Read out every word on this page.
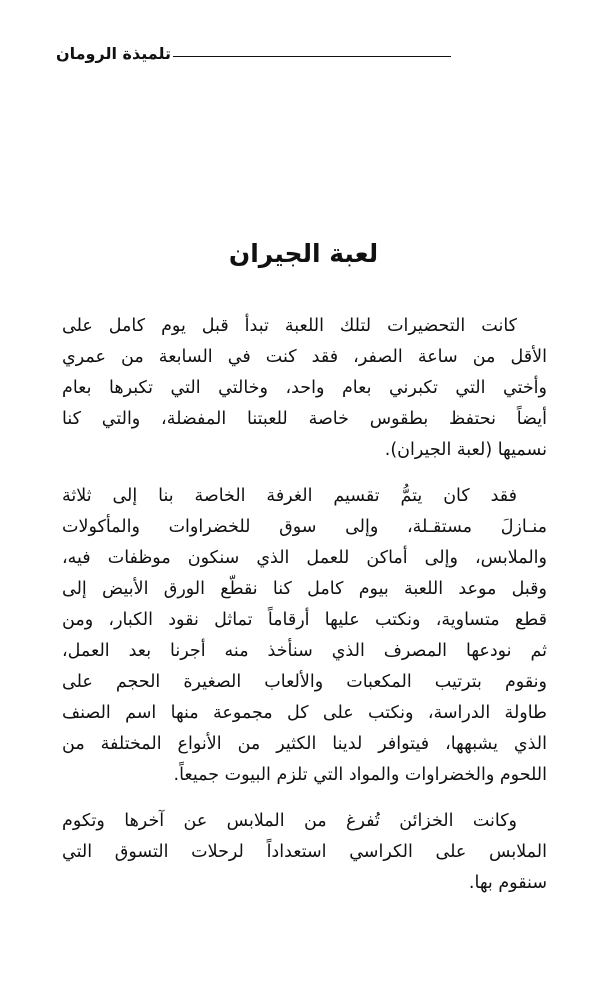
تلميذة الرومان
لعبة الجيران

كانت التحضيرات لتلك اللعبة تبدأ قبل يوم كامل على
الأقل من ساعة الصفر، فقد كنت في السابعة من عمري
وأختي التي تكبرني بعام واحد، وخالتي التي تكبرها بعام
أيضاً نحتفظ بطقوس خاصة للعبتنا المفضلة، والتي كنا
نسميها (لعبة الجيران).

فقد كان يتمُّ تقسيم الغرفة الخاصة بنا إلى ثلاثة
منـازلَ مستقـلة، وإلى سوق للخضراوات والمأكولات
والملابس، وإلى أماكن للعمل الذي سنكون موظفات فيه،
وقبل موعد اللعبة بيوم كامل كنا نقطّع الورق الأبيض إلى
قطع متساوية، ونكتب عليها أرقاماً تماثل نقود الكبار، ومن
ثم نودعها المصرف الذي سنأخذ منه أجرنا بعد العمل،
ونقوم بترتيب المكعبات والألعاب الصغيرة الحجم على
طاولة الدراسة، ونكتب على كل مجموعة منها اسم الصنف
الذي يشبهها، فيتوافر لدينا الكثير من الأنواع المختلفة من
اللحوم والخضراوات والمواد التي تلزم البيوت جميعاً.

وكانت الخزائن تُفرغ من الملابس عن آخرها وتكوم
الملابس على الكراسي استعداداً لرحلات التسوق التي
سنقوم بها.
